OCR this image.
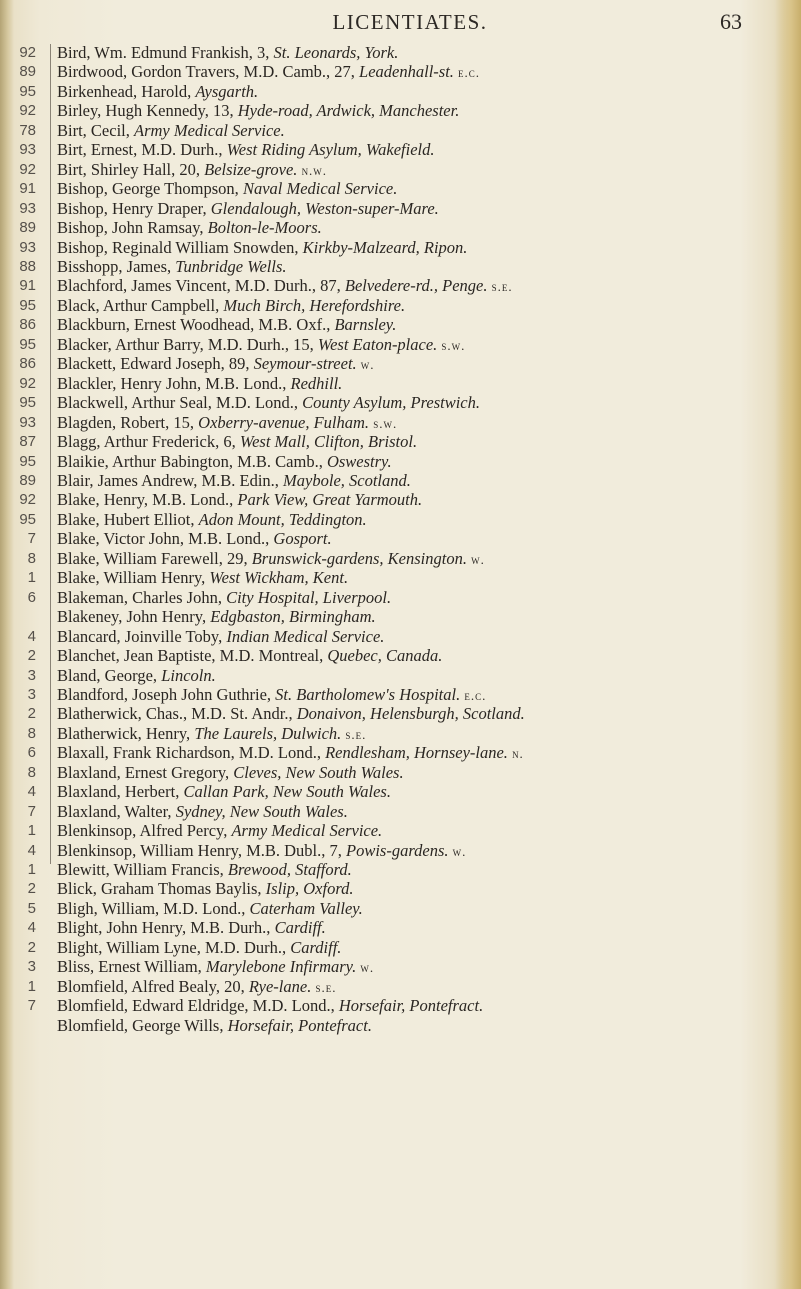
LICENTIATES.	63
92
89
95
92
78
93
92
91
93
89
93
88
91
95
86
95
86
92
95
93
87
95
89
92
95
7
8
1
6
4
2
3
3
2
8
6
8
4
7
1
4
1
2
5
4
2
3
1
7
Bird, Wm. Edmund Frankish, 3, St. Leonards, York.
Birdwood, Gordon Travers, M.D. Camb., 27, Leadenhall-st. e.c.
Birkenhead, Harold, Aysgarth.
Birley, Hugh Kennedy, 13, Hyde-road, Ardwick, Manchester.
Birt, Cecil, Army Medical Service.
Birt, Ernest, M.D. Durh., West Riding Asylum, Wakefield.
Birt, Shirley Hall, 20, Belsize-grove. n.w.
Bishop, George Thompson, Naval Medical Service.
Bishop, Henry Draper, Glendalough, Weston-super-Mare.
Bishop, John Ramsay, Bolton-le-Moors.
Bishop, Reginald William Snowden, Kirkby-Malzeard, Ripon.
Bisshopp, James, Tunbridge Wells.
Blachford, James Vincent, M.D. Durh., 87, Belvedere-rd., Penge. s.e.
Black, Arthur Campbell, Much Birch, Herefordshire.
Blackburn, Ernest Woodhead, M.B. Oxf., Barnsley.
Blacker, Arthur Barry, M.D. Durh., 15, West Eaton-place. s.w.
Blackett, Edward Joseph, 89, Seymour-street. w.
Blackler, Henry John, M.B. Lond., Redhill.
Blackwell, Arthur Seal, M.D. Lond., County Asylum, Prestwich.
Blagden, Robert, 15, Oxberry-avenue, Fulham. s.w.
Blagg, Arthur Frederick, 6, West Mall, Clifton, Bristol.
Blaikie, Arthur Babington, M.B. Camb., Oswestry.
Blair, James Andrew, M.B. Edin., Maybole, Scotland.
Blake, Henry, M.B. Lond., Park View, Great Yarmouth.
Blake, Hubert Elliot, Adon Mount, Teddington.
Blake, Victor John, M.B. Lond., Gosport.
Blake, William Farewell, 29, Brunswick-gardens, Kensington. w.
Blake, William Henry, West Wickham, Kent.
Blakeman, Charles John, City Hospital, Liverpool.
Blakeney, John Henry, Edgbaston, Birmingham.
Blancard, Joinville Toby, Indian Medical Service.
Blanchet, Jean Baptiste, M.D. Montreal, Quebec, Canada.
Bland, George, Lincoln.
Blandford, Joseph John Guthrie, St. Bartholomew's Hospital. e.c.
Blatherwick, Chas., M.D. St. Andr., Donaivon, Helensburgh, Scotland.
Blatherwick, Henry, The Laurels, Dulwich. s.e.
Blaxall, Frank Richardson, M.D. Lond., Rendlesham, Hornsey-lane. n.
Blaxland, Ernest Gregory, Cleves, New South Wales.
Blaxland, Herbert, Callan Park, New South Wales.
Blaxland, Walter, Sydney, New South Wales.
Blenkinsop, Alfred Percy, Army Medical Service.
Blenkinsop, William Henry, M.B. Dubl., 7, Powis-gardens. w.
Blewitt, William Francis, Brewood, Stafford.
Blick, Graham Thomas Baylis, Islip, Oxford.
Bligh, William, M.D. Lond., Caterham Valley.
Blight, John Henry, M.B. Durh., Cardiff.
Blight, William Lyne, M.D. Durh., Cardiff.
Bliss, Ernest William, Marylebone Infirmary. w.
Blomfield, Alfred Bealy, 20, Rye-lane. s.e.
Blomfield, Edward Eldridge, M.D. Lond., Horsefair, Pontefract.
Blomfield, George Wills, Horsefair, Pontefract.
